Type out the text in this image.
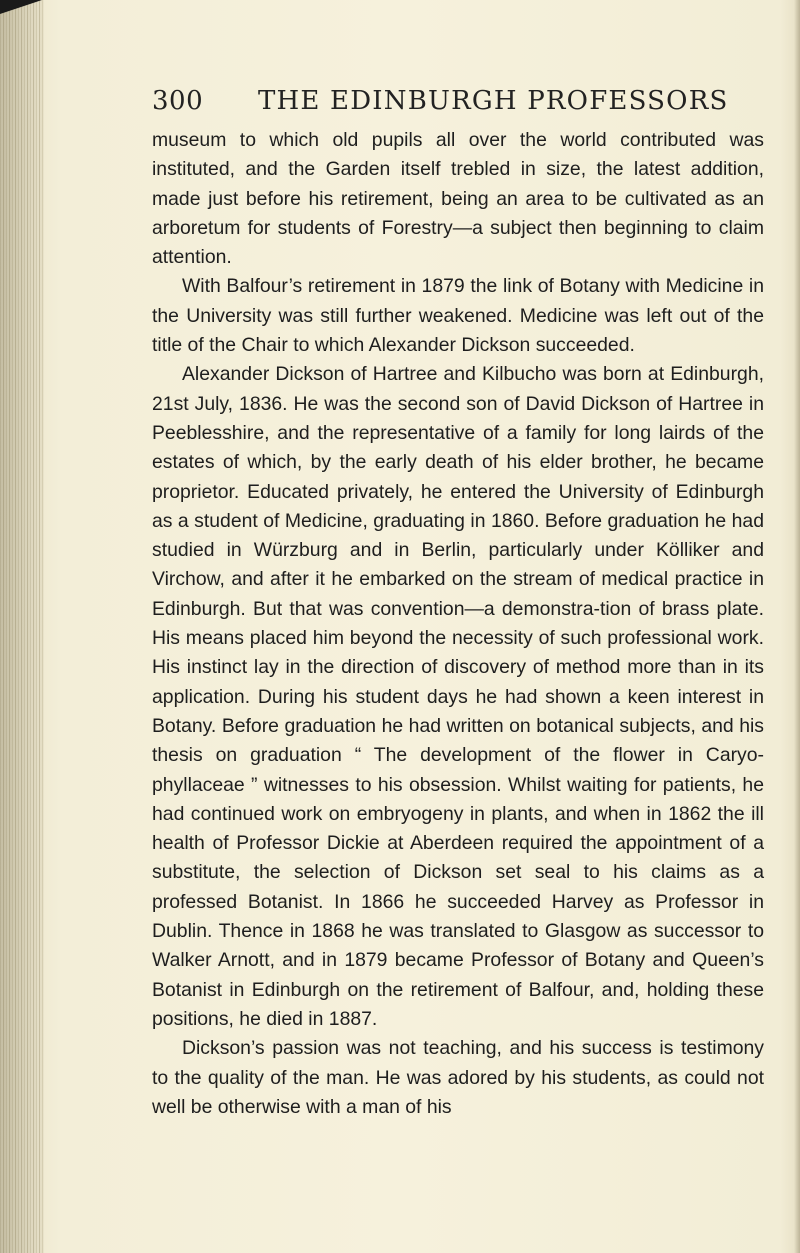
300 THE EDINBURGH PROFESSORS

museum to which old pupils all over the world contributed was instituted, and the Garden itself trebled in size, the latest addition, made just before his retirement, being an area to be cultivated as an arboretum for students of Forestry—a subject then beginning to claim attention.

With Balfour’s retirement in 1879 the link of Botany with Medicine in the University was still further weakened. Medicine was left out of the title of the Chair to which Alexander Dickson succeeded.

Alexander Dickson of Hartree and Kilbucho was born at Edinburgh, 21st July, 1836. He was the second son of David Dickson of Hartree in Peeblesshire, and the representative of a family for long lairds of the estates of which, by the early death of his elder brother, he became proprietor. Educated privately, he entered the University of Edinburgh as a student of Medicine, graduating in 1860. Before graduation he had studied in Würzburg and in Berlin, particularly under Kölliker and Virchow, and after it he embarked on the stream of medical practice in Edinburgh. But that was convention—a demonstra-tion of brass plate. His means placed him beyond the necessity of such professional work. His instinct lay in the direction of discovery of method more than in its application. During his student days he had shown a keen interest in Botany. Before graduation he had written on botanical subjects, and his thesis on graduation “ The development of the flower in Caryo-phyllaceae ” witnesses to his obsession. Whilst waiting for patients, he had continued work on embryogeny in plants, and when in 1862 the ill health of Professor Dickie at Aberdeen required the appointment of a substitute, the selection of Dickson set seal to his claims as a professed Botanist. In 1866 he succeeded Harvey as Professor in Dublin. Thence in 1868 he was translated to Glasgow as successor to Walker Arnott, and in 1879 became Professor of Botany and Queen’s Botanist in Edinburgh on the retirement of Balfour, and, holding these positions, he died in 1887.

Dickson’s passion was not teaching, and his success is testimony to the quality of the man. He was adored by his students, as could not well be otherwise with a man of his
